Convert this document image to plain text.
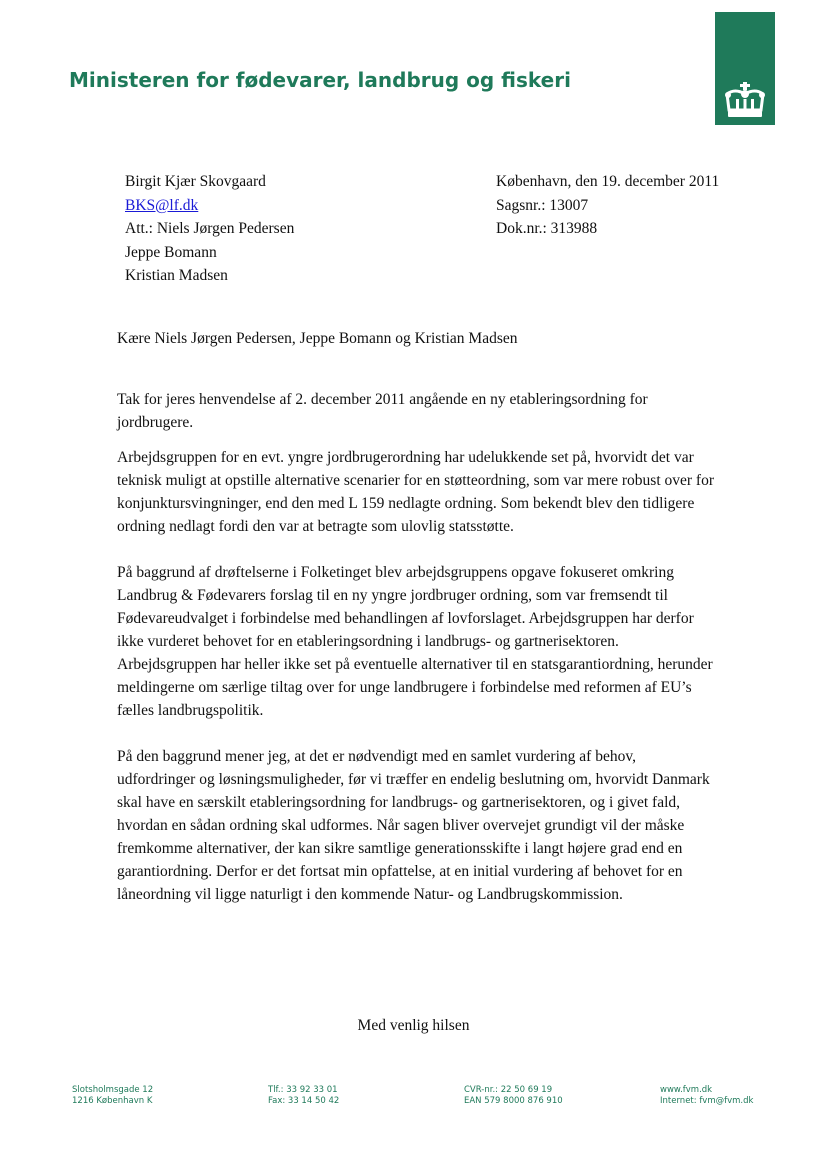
Ministeren for fødevarer, landbrug og fiskeri
Birgit Kjær Skovgaard
BKS@lf.dk
Att.: Niels Jørgen Pedersen
Jeppe Bomann
Kristian Madsen
København, den 19. december 2011
Sagsnr.: 13007
Dok.nr.: 313988
Kære Niels Jørgen Pedersen, Jeppe Bomann og Kristian Madsen

Tak for jeres henvendelse af 2. december 2011 angående en ny etableringsordning for jordbrugere.

Arbejdsgruppen for en evt. yngre jordbrugerordning har udelukkende set på, hvorvidt det var teknisk muligt at opstille alternative scenarier for en støtteordning, som var mere robust over for konjunktursvingninger, end den med L 159 nedlagte ordning. Som bekendt blev den tidligere ordning nedlagt fordi den var at betragte som ulovlig statsstøtte.

På baggrund af drøftelserne i Folketinget blev arbejdsgruppens opgave fokuseret omkring Landbrug & Fødevarers forslag til en ny yngre jordbruger ordning, som var fremsendt til Fødevareudvalget i forbindelse med behandlingen af lovforslaget. Arbejdsgruppen har derfor ikke vurderet behovet for en etableringsordning i landbrugs- og gartnerisektoren. Arbejdsgruppen har heller ikke set på eventuelle alternativer til en statsgarantiordning, herunder meldingerne om særlige tiltag over for unge landbrugere i forbindelse med reformen af EU’s fælles landbrugspolitik.

På den baggrund mener jeg, at det er nødvendigt med en samlet vurdering af behov, udfordringer og løsningsmuligheder, før vi træffer en endelig beslutning om, hvorvidt Danmark skal have en særskilt etableringsordning for landbrugs- og gartnerisektoren, og i givet fald, hvordan en sådan ordning skal udformes. Når sagen bliver overvejet grundigt vil der måske fremkomme alternativer, der kan sikre samtlige generationsskifte i langt højere grad end en garantiordning. Derfor er det fortsat min opfattelse, at en initial vurdering af behovet for en låneordning vil ligge naturligt i den kommende Natur- og Landbrugskommission.

Med venlig hilsen
Slotsholmsgade 12
1216 København K
Tlf.: 33 92 33 01
Fax: 33 14 50 42
CVR-nr.: 22 50 69 19
EAN 579 8000 876 910
www.fvm.dk
Internet: fvm@fvm.dk
